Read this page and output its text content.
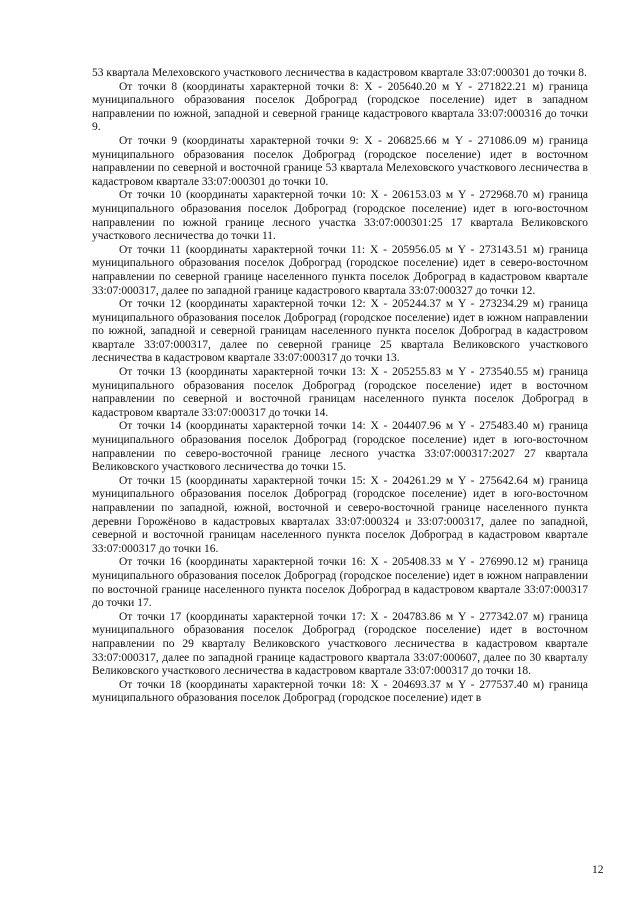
53 квартала Мелеховского участкового лесничества в кадастровом квартале 33:07:000301 до точки 8.

От точки 8 (координаты характерной точки 8: X - 205640.20 м Y - 271822.21 м) граница муниципального образования поселок Доброград (городское поселение) идет в западном направлении по южной, западной и северной границе кадастрового квартала 33:07:000316 до точки 9.

От точки 9 (координаты характерной точки 9: X - 206825.66 м Y - 271086.09 м) граница муниципального образования поселок Доброград (городское поселение) идет в восточном направлении по северной и восточной границе 53 квартала Мелеховского участкового лесничества в кадастровом квартале 33:07:000301 до точки 10.

От точки 10 (координаты характерной точки 10: X - 206153.03 м Y - 272968.70 м) граница муниципального образования поселок Доброград (городское поселение) идет в юго-восточном направлении по южной границе лесного участка 33:07:000301:25 17 квартала Великовского участкового лесничества до точки 11.

От точки 11 (координаты характерной точки 11: X - 205956.05 м Y - 273143.51 м) граница муниципального образования поселок Доброград (городское поселение) идет в северо-восточном направлении по северной границе населенного пункта поселок Доброград в кадастровом квартале 33:07:000317, далее по западной границе кадастрового квартала 33:07:000327 до точки 12.

От точки 12 (координаты характерной точки 12: X - 205244.37 м Y - 273234.29 м) граница муниципального образования поселок Доброград (городское поселение) идет в южном направлении по южной, западной и северной границам населенного пункта поселок Доброград в кадастровом квартале 33:07:000317, далее по северной границе 25 квартала Великовского участкового лесничества в кадастровом квартале 33:07:000317 до точки 13.

От точки 13 (координаты характерной точки 13: X - 205255.83 м Y - 273540.55 м) граница муниципального образования поселок Доброград (городское поселение) идет в восточном направлении по северной и восточной границам населенного пункта поселок Доброград в кадастровом квартале 33:07:000317 до точки 14.

От точки 14 (координаты характерной точки 14: X - 204407.96 м Y - 275483.40 м) граница муниципального образования поселок Доброград (городское поселение) идет в юго-восточном направлении по северо-восточной границе лесного участка 33:07:000317:2027 27 квартала Великовского участкового лесничества до точки 15.

От точки 15 (координаты характерной точки 15: X - 204261.29 м Y - 275642.64 м) граница муниципального образования поселок Доброград (городское поселение) идет в юго-восточном направлении по западной, южной, восточной и северо-восточной границе населенного пункта деревни Горожёново в кадастровых кварталах 33:07:000324 и 33:07:000317, далее по западной, северной и восточной границам населенного пункта поселок Доброград в кадастровом квартале 33:07:000317 до точки 16.

От точки 16 (координаты характерной точки 16: X - 205408.33 м Y - 276990.12 м) граница муниципального образования поселок Доброград (городское поселение) идет в южном направлении по восточной границе населенного пункта поселок Доброград в кадастровом квартале 33:07:000317 до точки 17.

От точки 17 (координаты характерной точки 17: X - 204783.86 м Y - 277342.07 м) граница муниципального образования поселок Доброград (городское поселение) идет в восточном направлении по 29 кварталу Великовского участкового лесничества в кадастровом квартале 33:07:000317, далее по западной границе кадастрового квартала 33:07:000607, далее по 30 кварталу Великовского участкового лесничества в кадастровом квартале 33:07:000317 до точки 18.

От точки 18 (координаты характерной точки 18: X - 204693.37 м Y - 277537.40 м) граница муниципального образования поселок Доброград (городское поселение) идет в

12
